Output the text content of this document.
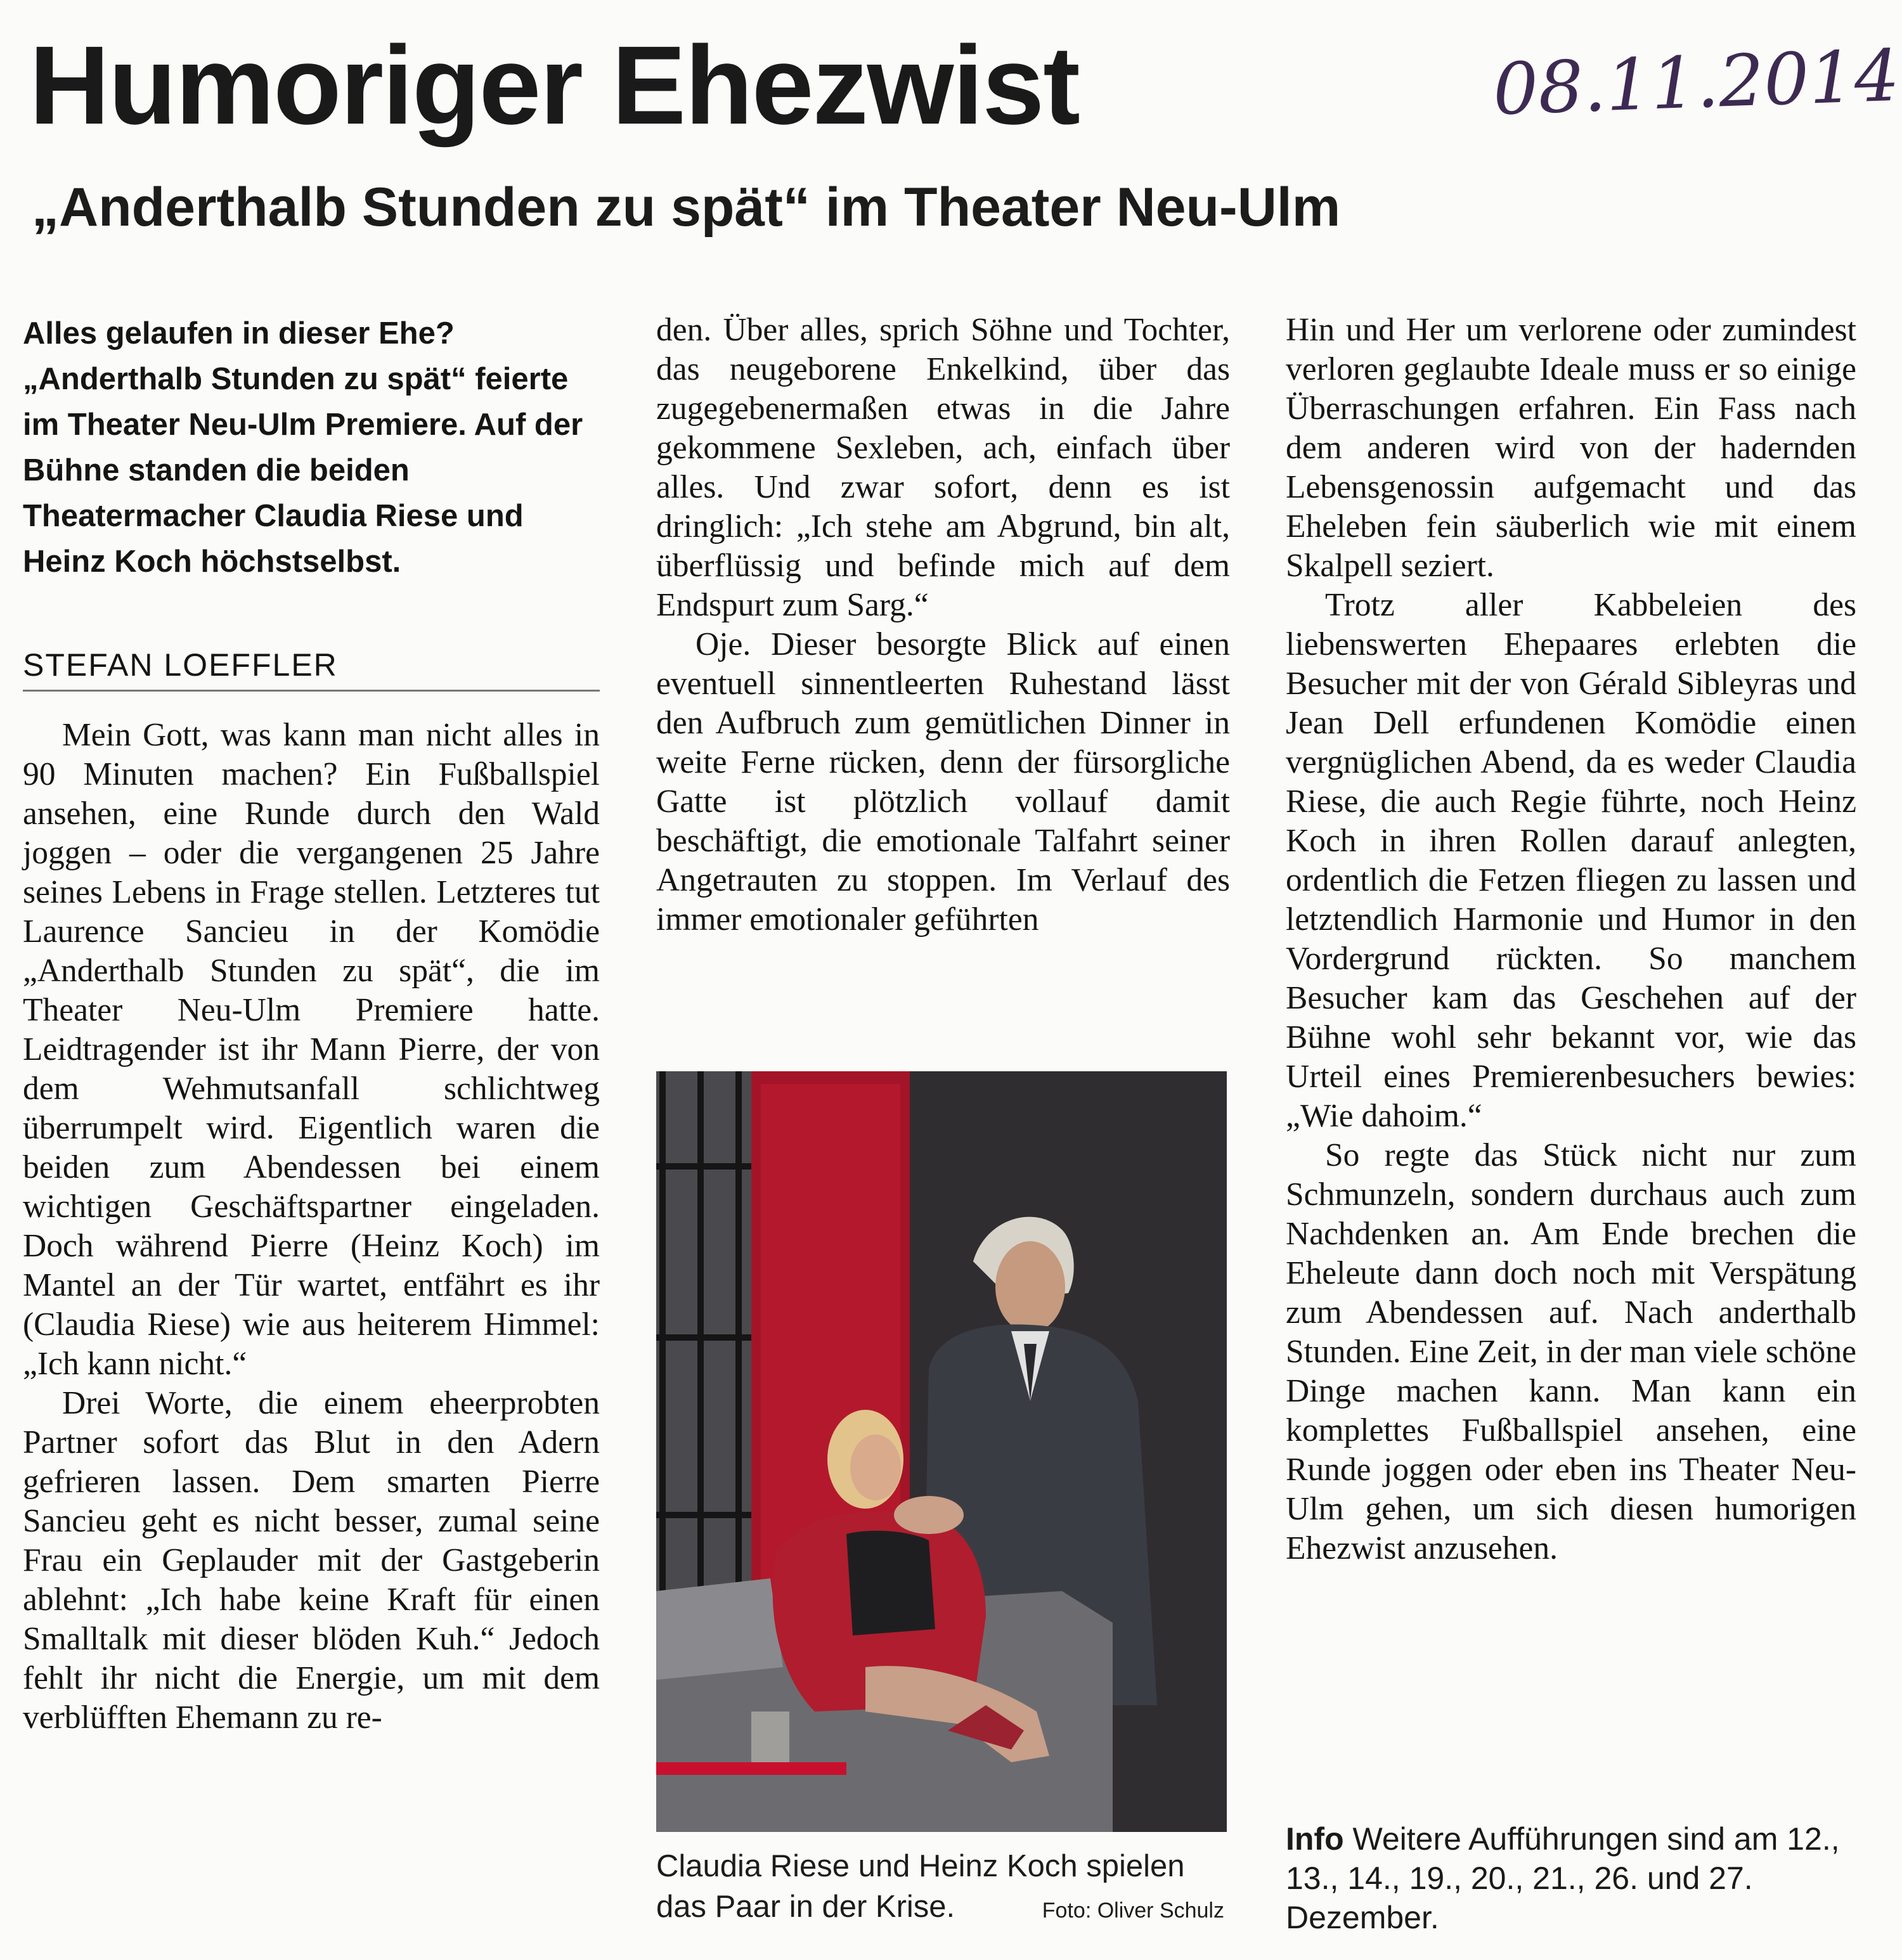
Humoriger Ehezwist	08.11.2014
„Anderthalb Stunden zu spät“ im Theater Neu-Ulm

Alles gelaufen in dieser Ehe? „Anderthalb Stunden zu spät“ feierte im Theater Neu-Ulm Premiere. Auf der Bühne standen die beiden Theatermacher Claudia Riese und Heinz Koch höchstselbst.

STEFAN LOEFFLER

Mein Gott, was kann man nicht alles in 90 Minuten machen? Ein Fußballspiel ansehen, eine Runde durch den Wald joggen – oder die vergangenen 25 Jahre seines Lebens in Frage stellen. Letzteres tut Laurence Sancieu in der Komödie „Anderthalb Stunden zu spät“, die im Theater Neu-Ulm Premiere hatte. Leidtragender ist ihr Mann Pierre, der von dem Wehmutsanfall schlichtweg überrumpelt wird. Eigentlich waren die beiden zum Abendessen bei einem wichtigen Geschäftspartner eingeladen. Doch während Pierre (Heinz Koch) im Mantel an der Tür wartet, entfährt es ihr (Claudia Riese) wie aus heiterem Himmel: „Ich kann nicht.“

Drei Worte, die einem eheerprobten Partner sofort das Blut in den Adern gefrieren lassen. Dem smarten Pierre Sancieu geht es nicht besser, zumal seine Frau ein Geplauder mit der Gastgeberin ablehnt: „Ich habe keine Kraft für einen Smalltalk mit dieser blöden Kuh.“ Jedoch fehlt ihr nicht die Energie, um mit dem verblüfften Ehemann zu re-

den. Über alles, sprich Söhne und Tochter, das neugeborene Enkelkind, über das zugegebenermaßen etwas in die Jahre gekommene Sexleben, ach, einfach über alles. Und zwar sofort, denn es ist dringlich: „Ich stehe am Abgrund, bin alt, überflüssig und befinde mich auf dem Endspurt zum Sarg.“

Oje. Dieser besorgte Blick auf einen eventuell sinnentleerten Ruhestand lässt den Aufbruch zum gemütlichen Dinner in weite Ferne rücken, denn der fürsorgliche Gatte ist plötzlich vollauf damit beschäftigt, die emotionale Talfahrt seiner Angetrauten zu stoppen. Im Verlauf des immer emotionaler geführten

Claudia Riese und Heinz Koch spielen das Paar in der Krise.	Foto: Oliver Schulz

Hin und Her um verlorene oder zumindest verloren geglaubte Ideale muss er so einige Überraschungen erfahren. Ein Fass nach dem anderen wird von der hadernden Lebensgenossin aufgemacht und das Eheleben fein säuberlich wie mit einem Skalpell seziert.

Trotz aller Kabbeleien des liebenswerten Ehepaares erlebten die Besucher mit der von Gérald Sibleyras und Jean Dell erfundenen Komödie einen vergnüglichen Abend, da es weder Claudia Riese, die auch Regie führte, noch Heinz Koch in ihren Rollen darauf anlegten, ordentlich die Fetzen fliegen zu lassen und letztendlich Harmonie und Humor in den Vordergrund rückten. So manchem Besucher kam das Geschehen auf der Bühne wohl sehr bekannt vor, wie das Urteil eines Premierenbesuchers bewies: „Wie dahoim.“

So regte das Stück nicht nur zum Schmunzeln, sondern durchaus auch zum Nachdenken an. Am Ende brechen die Eheleute dann doch noch mit Verspätung zum Abendessen auf. Nach anderthalb Stunden. Eine Zeit, in der man viele schöne Dinge machen kann. Man kann ein komplettes Fußballspiel ansehen, eine Runde joggen oder eben ins Theater Neu-Ulm gehen, um sich diesen humorigen Ehezwist anzusehen.

Info Weitere Aufführungen sind am 12., 13., 14., 19., 20., 21., 26. und 27. Dezember.
